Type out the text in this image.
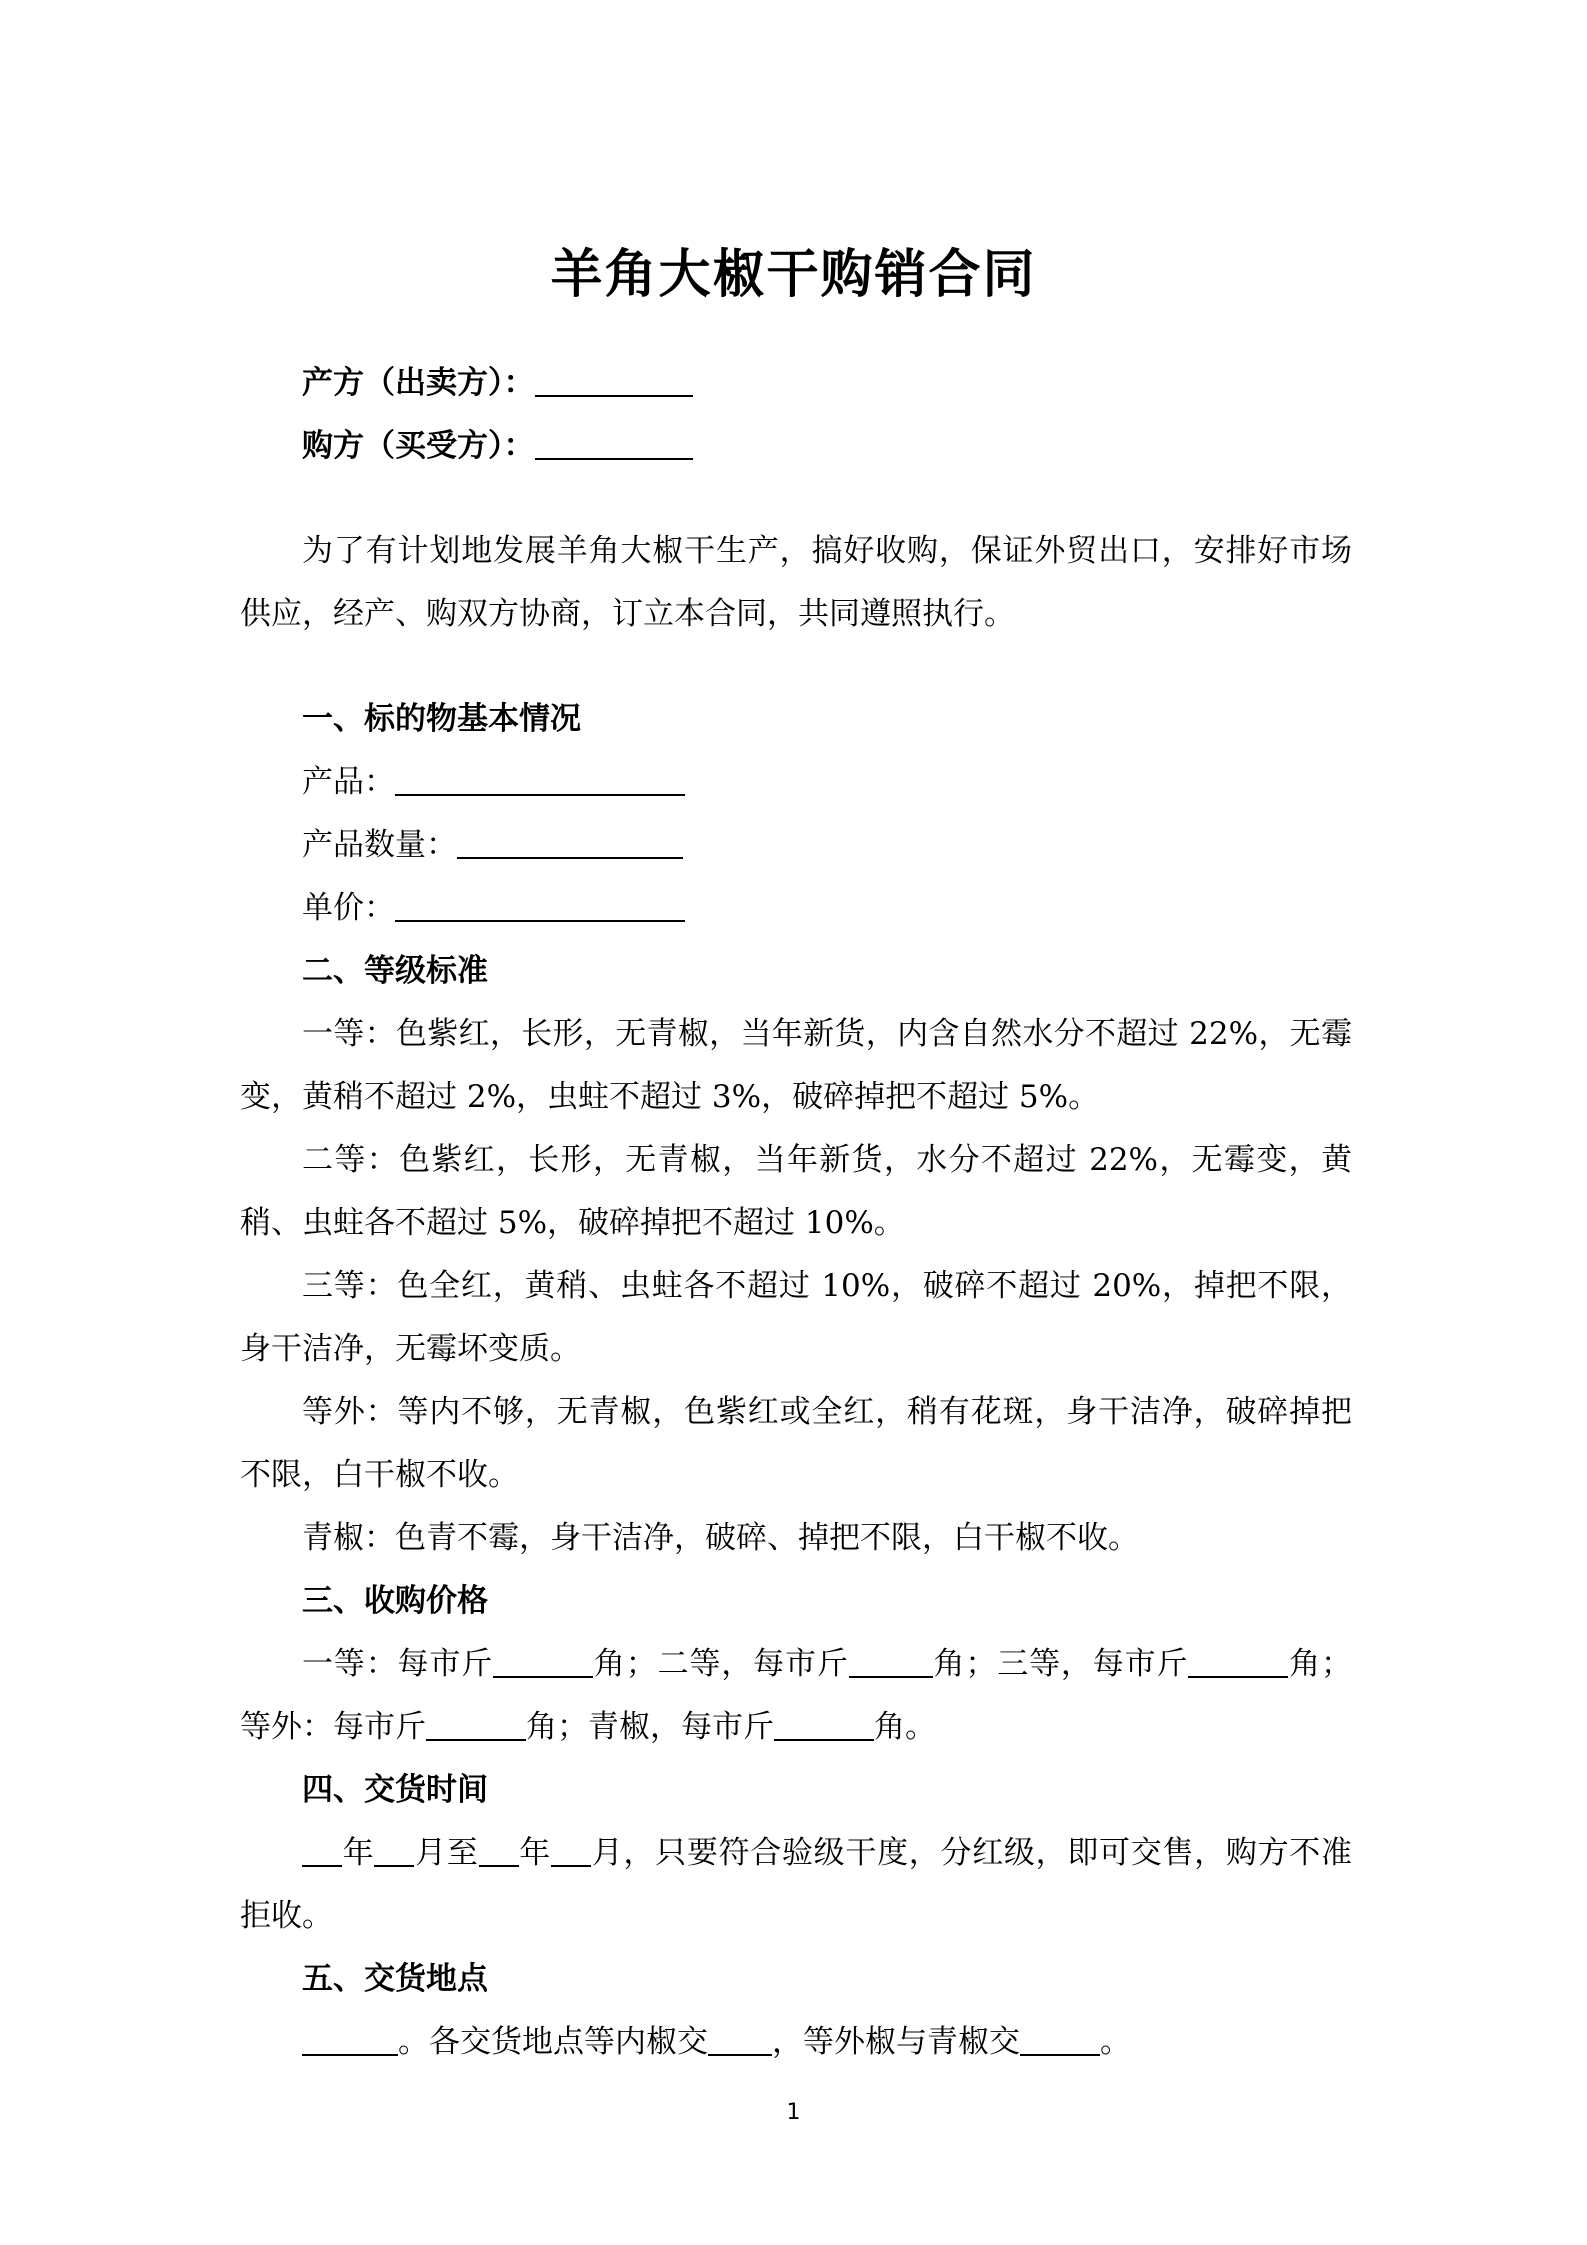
羊角大椒干购销合同

产方（出卖方）：

购方（买受方）：

为了有计划地发展羊角大椒干生产，搞好收购，保证外贸出口，安排好市场供应，经产、购双方协商，订立本合同，共同遵照执行。

一、标的物基本情况

产品：

产品数量：

单价：

二、等级标准

一等：色紫红，长形，无青椒，当年新货，内含自然水分不超过 22%，无霉变，黄稍不超过 2%，虫蛀不超过 3%，破碎掉把不超过 5%。

二等：色紫红，长形，无青椒，当年新货，水分不超过 22%，无霉变，黄稍、虫蛀各不超过 5%，破碎掉把不超过 10%。

三等：色全红，黄稍、虫蛀各不超过 10%，破碎不超过 20%，掉把不限，身干洁净，无霉坏变质。

等外：等内不够，无青椒，色紫红或全红，稍有花斑，身干洁净，破碎掉把不限，白干椒不收。

青椒：色青不霉，身干洁净，破碎、掉把不限，白干椒不收。

三、收购价格

一等：每市斤	角；二等，每市斤	角；三等，每市斤	角；等外：每市斤	角；青椒，每市斤	角。

四、交货时间

年 月至 年 月，只要符合验级干度，分红级，即可交售，购方不准拒收。

五、交货地点

。各交货地点等内椒交 ，等外椒与青椒交	。

1
